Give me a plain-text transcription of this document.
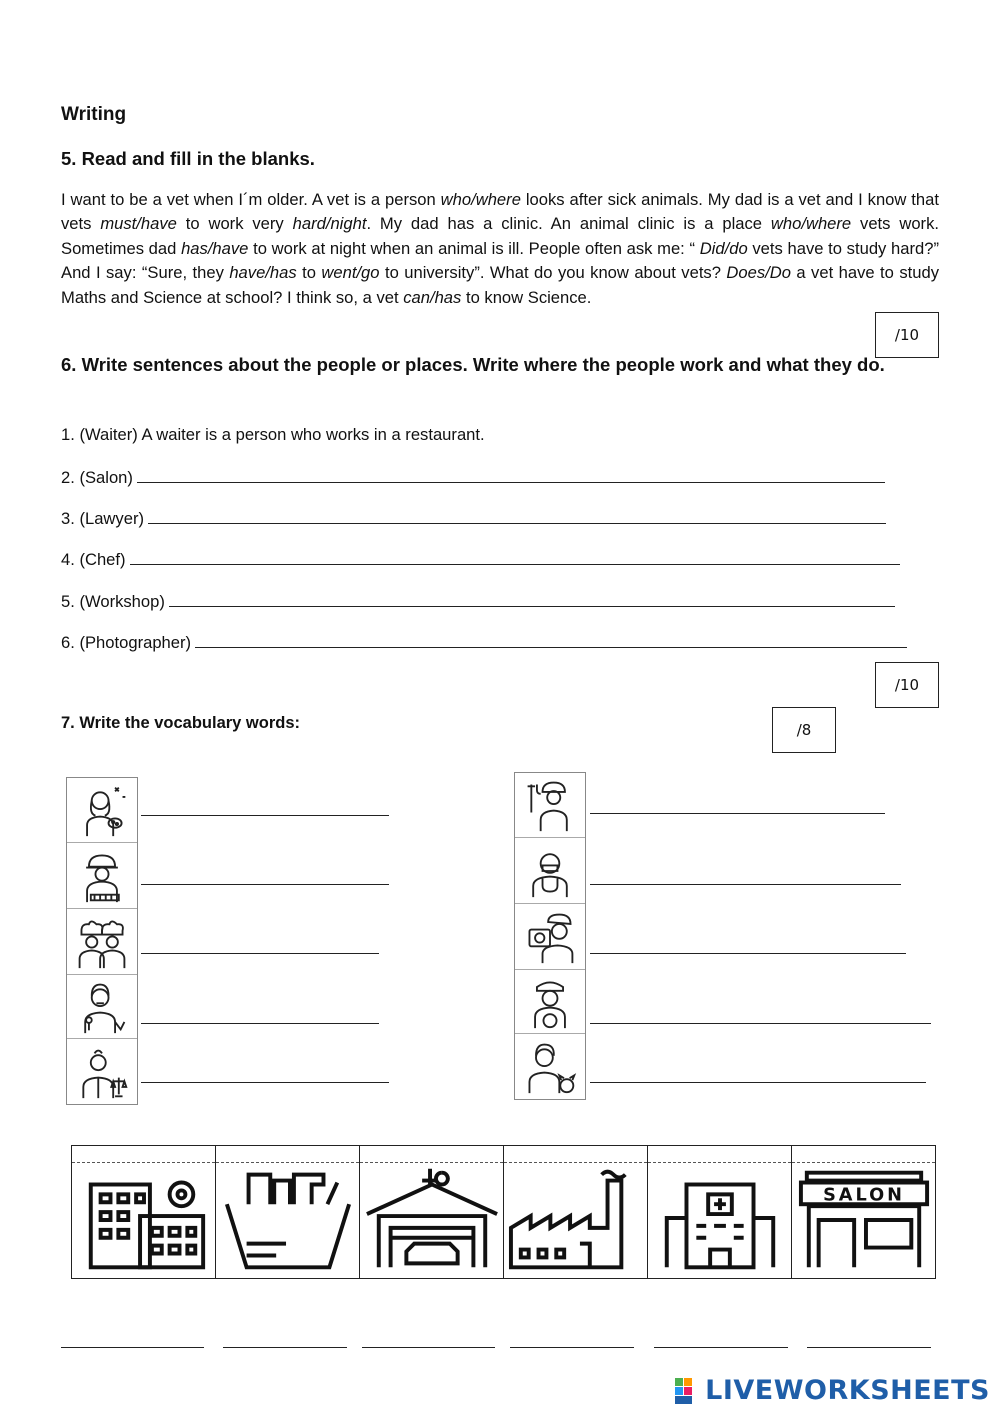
Writing
5. Read and fill in the blanks.
I want to be a vet when I´m older. A vet is a person who/where looks after sick animals. My dad is a vet and I know that vets must/have to work very hard/night. My dad has a clinic. An animal clinic is a place who/where vets work. Sometimes dad has/have to work at night when an animal is ill. People often ask me: “ Did/do vets have to study hard?” And I say: “Sure, they have/has to went/go to university”. What do you know about vets? Does/Do a vet have to study Maths and Science at school? I think so, a vet can/has to know Science.
/10
6. Write sentences about the people or places. Write where the people work and what they do.
1. (Waiter) A waiter is a person who works in a restaurant.
2. (Salon)
3. (Lawyer)
4. (Chef)
5. (Workshop)
6. (Photographer)
/10
7. Write the vocabulary words:	/8
SALON
LIVEWORKSHEETS
